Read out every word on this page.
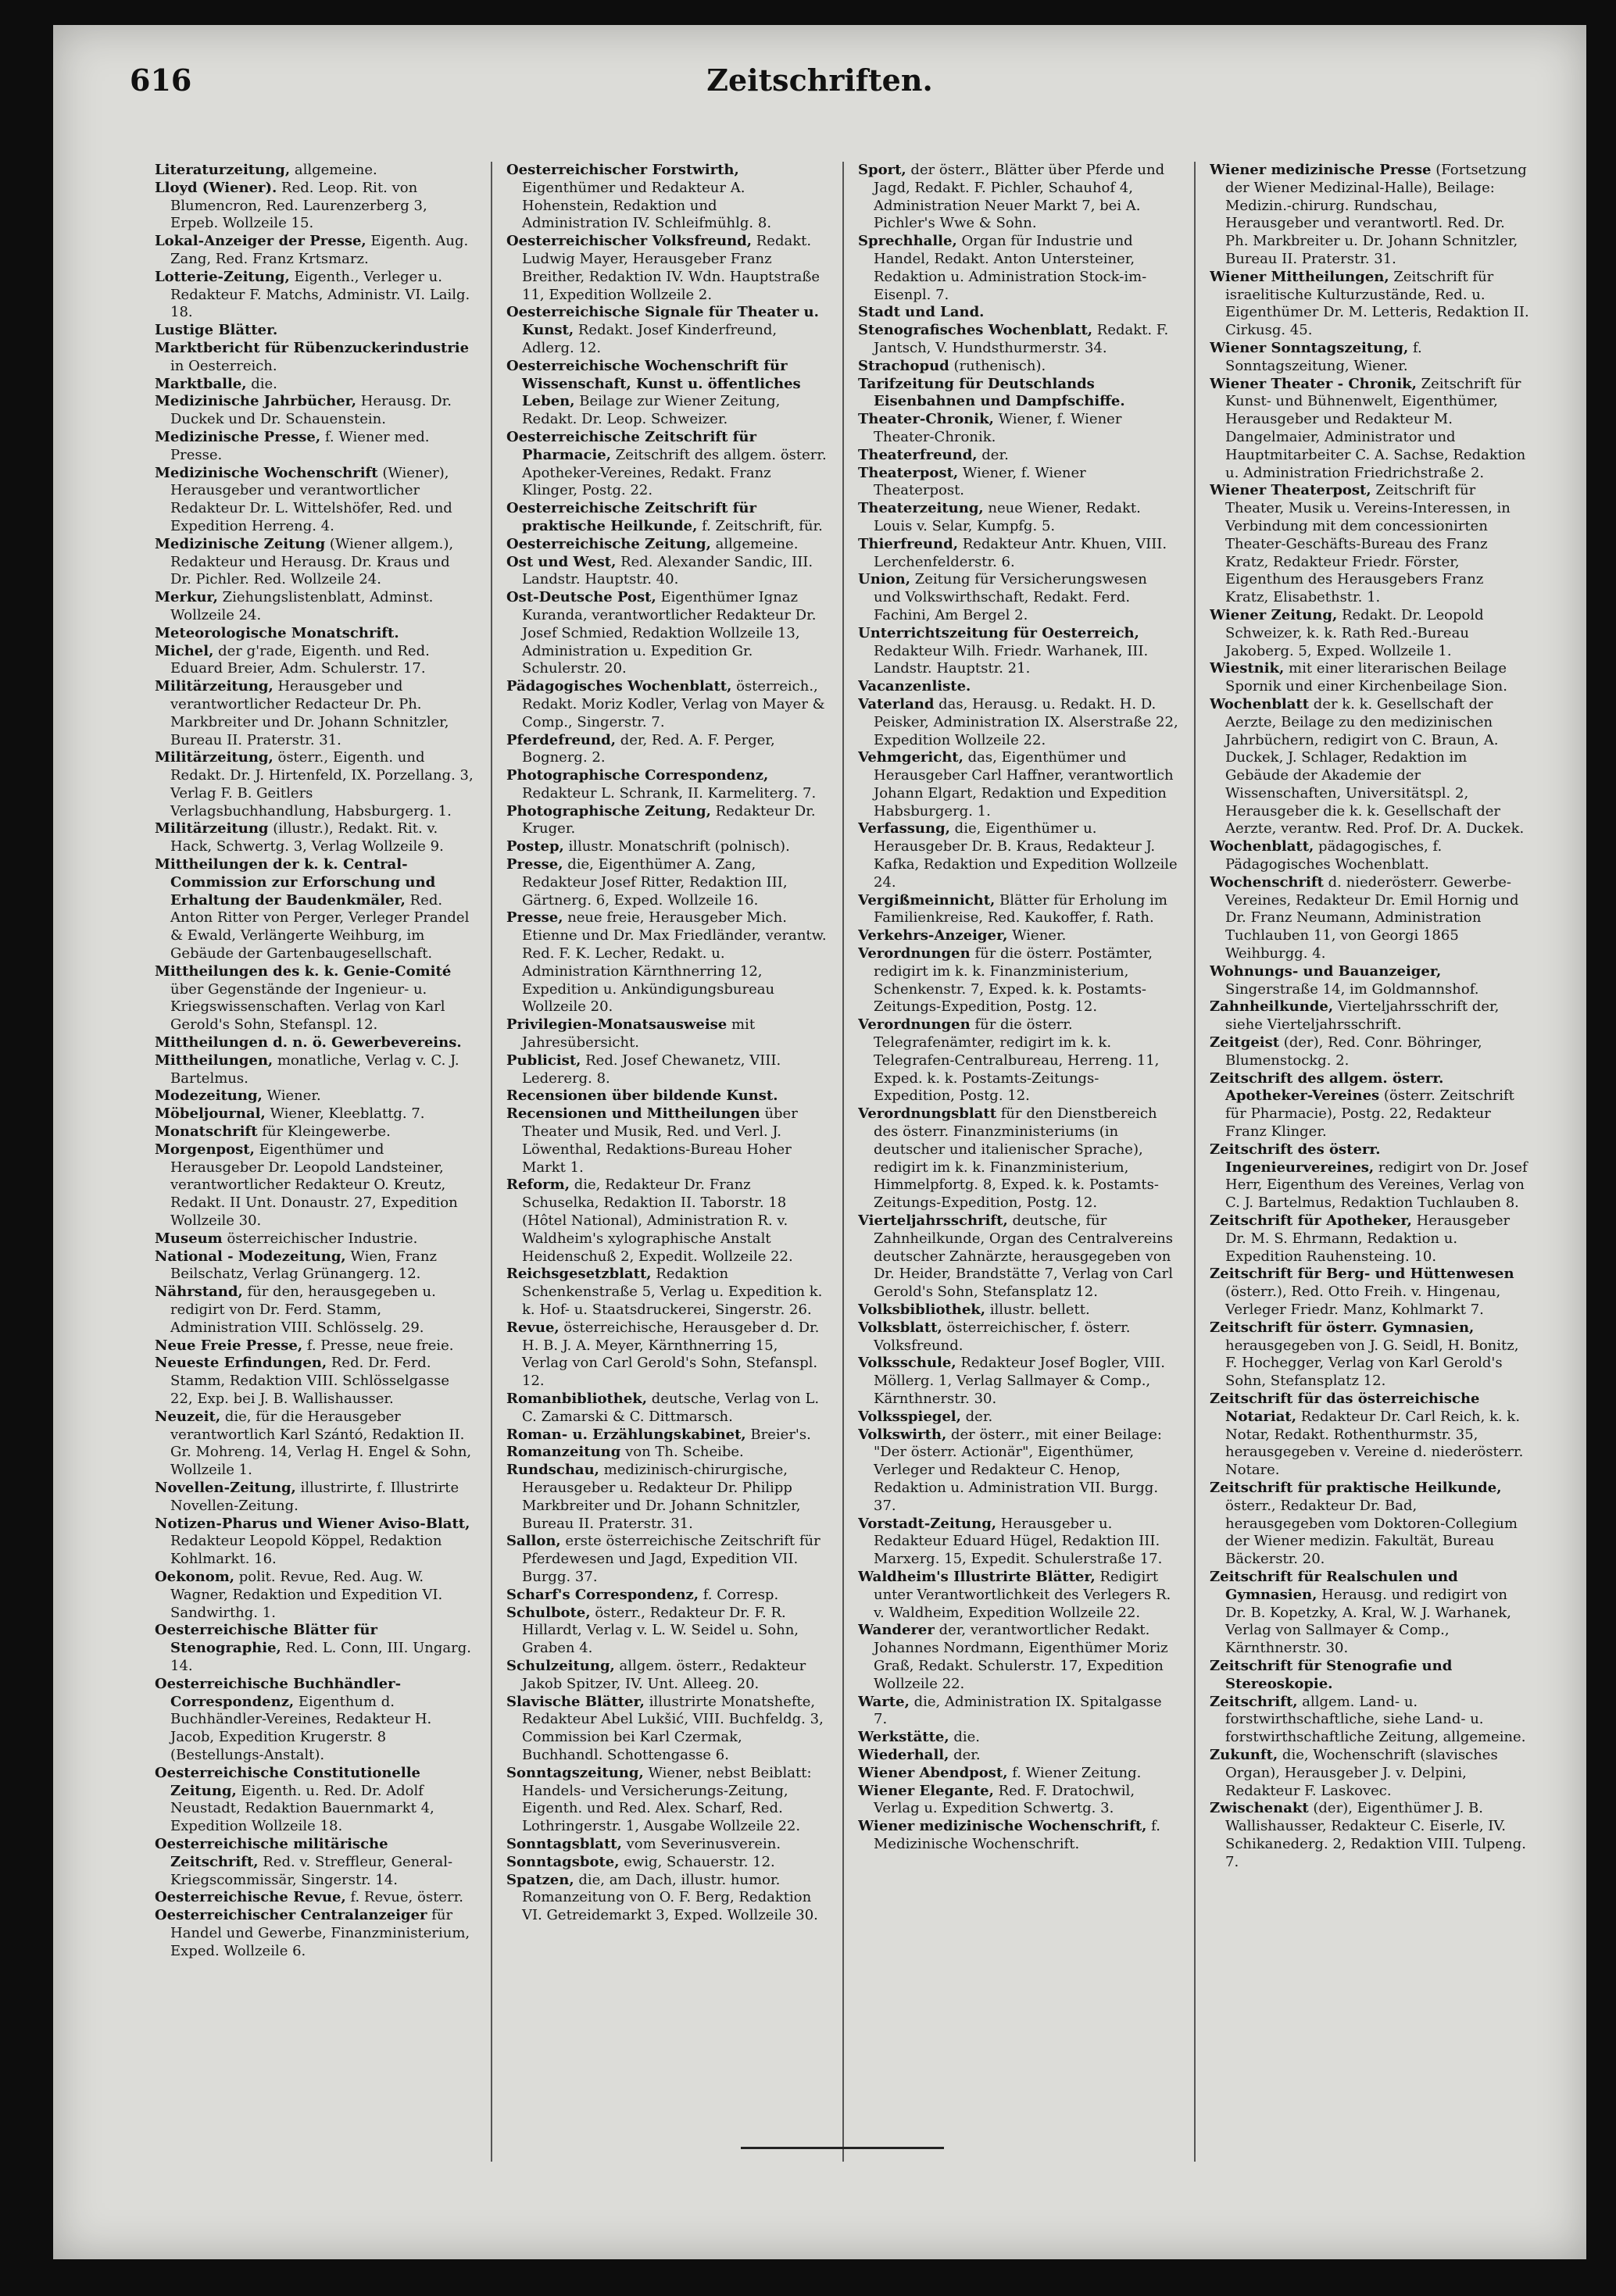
616	Zeitschriften.

Literaturzeitung, allgemeine.

Lloyd (Wiener). Red. Leop. Rit. von Blumencron, Red. Laurenzerberg 3, Erpeb. Wollzeile 15.

Lokal-Anzeiger der Presse, Eigenth. Aug. Zang, Red. Franz Krtsmarz.

Lotterie-Zeitung, Eigenth., Verleger u. Redakteur F. Matchs, Administr. VI. Lailg. 18.

Lustige Blätter.

Marktbericht für Rübenzuckerindustrie in Oesterreich.

Marktballe, die.

Medizinische Jahrbücher, Herausg. Dr. Duckek und Dr. Schauenstein.

Medizinische Presse, f. Wiener med. Presse.

Medizinische Wochenschrift (Wiener), Herausgeber und verantwortlicher Redakteur Dr. L. Wittelshöfer, Red. und Expedition Herreng. 4.

Medizinische Zeitung (Wiener allgem.), Redakteur und Herausg. Dr. Kraus und Dr. Pichler. Red. Wollzeile 24.

Merkur, Ziehungslistenblatt, Adminst. Wollzeile 24.

Meteorologische Monatschrift.

Michel, der g'rade, Eigenth. und Red. Eduard Breier, Adm. Schulerstr. 17.

Militärzeitung, Herausgeber und verantwortlicher Redacteur Dr. Ph. Markbreiter und Dr. Johann Schnitzler, Bureau II. Praterstr. 31.

Militärzeitung, österr., Eigenth. und Redakt. Dr. J. Hirtenfeld, IX. Porzellang. 3, Verlag F. B. Geitlers Verlagsbuchhandlung, Habsburgerg. 1.

Militärzeitung (illustr.), Redakt. Rit. v. Hack, Schwertg. 3, Verlag Wollzeile 9.

Mittheilungen der k. k. Central-Commission zur Erforschung und Erhaltung der Baudenkmäler, Red. Anton Ritter von Perger, Verleger Prandel & Ewald, Verlängerte Weihburg, im Gebäude der Gartenbaugesellschaft.

Mittheilungen des k. k. Genie-Comité über Gegenstände der Ingenieur- u. Kriegswissenschaften. Verlag von Karl Gerold's Sohn, Stefanspl. 12.

Mittheilungen d. n. ö. Gewerbevereins.

Mittheilungen, monatliche, Verlag v. C. J. Bartelmus.

Modezeitung, Wiener.

Möbeljournal, Wiener, Kleeblattg. 7.

Monatschrift für Kleingewerbe.

Morgenpost, Eigenthümer und Herausgeber Dr. Leopold Landsteiner, verantwortlicher Redakteur O. Kreutz, Redakt. II Unt. Donaustr. 27, Expedition Wollzeile 30.

Museum österreichischer Industrie.

National - Modezeitung, Wien, Franz Beilschatz, Verlag Grünangerg. 12.

Nährstand, für den, herausgegeben u. redigirt von Dr. Ferd. Stamm, Administration VIII. Schlösselg. 29.

Neue Freie Presse, f. Presse, neue freie.

Neueste Erfindungen, Red. Dr. Ferd. Stamm, Redaktion VIII. Schlösselgasse 22, Exp. bei J. B. Wallishausser.

Neuzeit, die, für die Herausgeber verantwortlich Karl Szántó, Redaktion II. Gr. Mohreng. 14, Verlag H. Engel & Sohn, Wollzeile 1.

Novellen-Zeitung, illustrirte, f. Illustrirte Novellen-Zeitung.

Notizen-Pharus und Wiener Aviso-Blatt, Redakteur Leopold Köppel, Redaktion Kohlmarkt. 16.

Oekonom, polit. Revue, Red. Aug. W. Wagner, Redaktion und Expedition VI. Sandwirthg. 1.

Oesterreichische Blätter für Stenographie, Red. L. Conn, III. Ungarg. 14.

Oesterreichische Buchhändler-Correspondenz, Eigenthum d. Buchhändler-Vereines, Redakteur H. Jacob, Expedition Krugerstr. 8 (Bestellungs-Anstalt).

Oesterreichische Constitutionelle Zeitung, Eigenth. u. Red. Dr. Adolf Neustadt, Redaktion Bauernmarkt 4, Expedition Wollzeile 18.

Oesterreichische militärische Zeitschrift, Red. v. Streffleur, General-Kriegscommissär, Singerstr. 14.

Oesterreichische Revue, f. Revue, österr.

Oesterreichischer Centralanzeiger für Handel und Gewerbe, Finanzministerium, Exped. Wollzeile 6.

Oesterreichischer Forstwirth, Eigenthümer und Redakteur A. Hohenstein, Redaktion und Administration IV. Schleifmühlg. 8.

Oesterreichischer Volksfreund, Redakt. Ludwig Mayer, Herausgeber Franz Breither, Redaktion IV. Wdn. Hauptstraße 11, Expedition Wollzeile 2.

Oesterreichische Signale für Theater u. Kunst, Redakt. Josef Kinderfreund, Adlerg. 12.

Oesterreichische Wochenschrift für Wissenschaft, Kunst u. öffentliches Leben, Beilage zur Wiener Zeitung, Redakt. Dr. Leop. Schweizer.

Oesterreichische Zeitschrift für Pharmacie, Zeitschrift des allgem. österr. Apotheker-Vereines, Redakt. Franz Klinger, Postg. 22.

Oesterreichische Zeitschrift für praktische Heilkunde, f. Zeitschrift, für.

Oesterreichische Zeitung, allgemeine.

Ost und West, Red. Alexander Sandic, III. Landstr. Hauptstr. 40.

Ost-Deutsche Post, Eigenthümer Ignaz Kuranda, verantwortlicher Redakteur Dr. Josef Schmied, Redaktion Wollzeile 13, Administration u. Expedition Gr. Schulerstr. 20.

Pädagogisches Wochenblatt, österreich., Redakt. Moriz Kodler, Verlag von Mayer & Comp., Singerstr. 7.

Pferdefreund, der, Red. A. F. Perger, Bognerg. 2.

Photographische Correspondenz, Redakteur L. Schrank, II. Karmeliterg. 7.

Photographische Zeitung, Redakteur Dr. Kruger.

Postep, illustr. Monatschrift (polnisch).

Presse, die, Eigenthümer A. Zang, Redakteur Josef Ritter, Redaktion III, Gärtnerg. 6, Exped. Wollzeile 16.

Presse, neue freie, Herausgeber Mich. Etienne und Dr. Max Friedländer, verantw. Red. F. K. Lecher, Redakt. u. Administration Kärnthnerring 12, Expedition u. Ankündigungsbureau Wollzeile 20.

Privilegien-Monatsausweise mit Jahresübersicht.

Publicist, Red. Josef Chewanetz, VIII. Ledererg. 8.

Recensionen über bildende Kunst.

Recensionen und Mittheilungen über Theater und Musik, Red. und Verl. J. Löwenthal, Redaktions-Bureau Hoher Markt 1.

Reform, die, Redakteur Dr. Franz Schuselka, Redaktion II. Taborstr. 18 (Hôtel National), Administration R. v. Waldheim's xylographische Anstalt Heidenschuß 2, Expedit. Wollzeile 22.

Reichsgesetzblatt, Redaktion Schenkenstraße 5, Verlag u. Expedition k. k. Hof- u. Staatsdruckerei, Singerstr. 26.

Revue, österreichische, Herausgeber d. Dr. H. B. J. A. Meyer, Kärnthnerring 15, Verlag von Carl Gerold's Sohn, Stefanspl. 12.

Romanbibliothek, deutsche, Verlag von L. C. Zamarski & C. Dittmarsch.

Roman- u. Erzählungskabinet, Breier's.

Romanzeitung von Th. Scheibe.

Rundschau, medizinisch-chirurgische, Herausgeber u. Redakteur Dr. Philipp Markbreiter und Dr. Johann Schnitzler, Bureau II. Praterstr. 31.

Sallon, erste österreichische Zeitschrift für Pferdewesen und Jagd, Expedition VII. Burgg. 37.

Scharf's Correspondenz, f. Corresp.

Schulbote, österr., Redakteur Dr. F. R. Hillardt, Verlag v. L. W. Seidel u. Sohn, Graben 4.

Schulzeitung, allgem. österr., Redakteur Jakob Spitzer, IV. Unt. Alleeg. 20.

Slavische Blätter, illustrirte Monatshefte, Redakteur Abel Lukšić, VIII. Buchfeldg. 3, Commission bei Karl Czermak, Buchhandl. Schottengasse 6.

Sonntagszeitung, Wiener, nebst Beiblatt: Handels- und Versicherungs-Zeitung, Eigenth. und Red. Alex. Scharf, Red. Lothringerstr. 1, Ausgabe Wollzeile 22.

Sonntagsblatt, vom Severinusverein.

Sonntagsbote, ewig, Schauerstr. 12.

Spatzen, die, am Dach, illustr. humor. Romanzeitung von O. F. Berg, Redaktion VI. Getreidemarkt 3, Exped. Wollzeile 30.

Sport, der österr., Blätter über Pferde und Jagd, Redakt. F. Pichler, Schauhof 4, Administration Neuer Markt 7, bei A. Pichler's Wwe & Sohn.

Sprechhalle, Organ für Industrie und Handel, Redakt. Anton Untersteiner, Redaktion u. Administration Stock-im-Eisenpl. 7.

Stadt und Land.

Stenografisches Wochenblatt, Redakt. F. Jantsch, V. Hundsthurmerstr. 34.

Strachopud (ruthenisch).

Tarifzeitung für Deutschlands Eisenbahnen und Dampfschiffe.

Theater-Chronik, Wiener, f. Wiener Theater-Chronik.

Theaterfreund, der.

Theaterpost, Wiener, f. Wiener Theaterpost.

Theaterzeitung, neue Wiener, Redakt. Louis v. Selar, Kumpfg. 5.

Thierfreund, Redakteur Antr. Khuen, VIII. Lerchenfelderstr. 6.

Union, Zeitung für Versicherungswesen und Volkswirthschaft, Redakt. Ferd. Fachini, Am Bergel 2.

Unterrichtszeitung für Oesterreich, Redakteur Wilh. Friedr. Warhanek, III. Landstr. Hauptstr. 21.

Vacanzenliste.

Vaterland das, Herausg. u. Redakt. H. D. Peisker, Administration IX. Alserstraße 22, Expedition Wollzeile 22.

Vehmgericht, das, Eigenthümer und Herausgeber Carl Haffner, verantwortlich Johann Elgart, Redaktion und Expedition Habsburgerg. 1.

Verfassung, die, Eigenthümer u. Herausgeber Dr. B. Kraus, Redakteur J. Kafka, Redaktion und Expedition Wollzeile 24.

Vergißmeinnicht, Blätter für Erholung im Familienkreise, Red. Kaukoffer, f. Rath.

Verkehrs-Anzeiger, Wiener.

Verordnungen für die österr. Postämter, redigirt im k. k. Finanzministerium, Schenkenstr. 7, Exped. k. k. Postamts-Zeitungs-Expedition, Postg. 12.

Verordnungen für die österr. Telegrafenämter, redigirt im k. k. Telegrafen-Centralbureau, Herreng. 11, Exped. k. k. Postamts-Zeitungs-Expedition, Postg. 12.

Verordnungsblatt für den Dienstbereich des österr. Finanzministeriums (in deutscher und italienischer Sprache), redigirt im k. k. Finanzministerium, Himmelpfortg. 8, Exped. k. k. Postamts-Zeitungs-Expedition, Postg. 12.

Vierteljahrsschrift, deutsche, für Zahnheilkunde, Organ des Centralvereins deutscher Zahnärzte, herausgegeben von Dr. Heider, Brandstätte 7, Verlag von Carl Gerold's Sohn, Stefansplatz 12.

Volksbibliothek, illustr. bellett.

Volksblatt, österreichischer, f. österr. Volksfreund.

Volksschule, Redakteur Josef Bogler, VIII. Möllerg. 1, Verlag Sallmayer & Comp., Kärnthnerstr. 30.

Volksspiegel, der.

Volkswirth, der österr., mit einer Beilage: "Der österr. Actionär", Eigenthümer, Verleger und Redakteur C. Henop, Redaktion u. Administration VII. Burgg. 37.

Vorstadt-Zeitung, Herausgeber u. Redakteur Eduard Hügel, Redaktion III. Marxerg. 15, Expedit. Schulerstraße 17.

Waldheim's Illustrirte Blätter, Redigirt unter Verantwortlichkeit des Verlegers R. v. Waldheim, Expedition Wollzeile 22.

Wanderer der, verantwortlicher Redakt. Johannes Nordmann, Eigenthümer Moriz Graß, Redakt. Schulerstr. 17, Expedition Wollzeile 22.

Warte, die, Administration IX. Spitalgasse 7.

Werkstätte, die.

Wiederhall, der.

Wiener Abendpost, f. Wiener Zeitung.

Wiener Elegante, Red. F. Dratochwil, Verlag u. Expedition Schwertg. 3.

Wiener medizinische Wochenschrift, f. Medizinische Wochenschrift.

Wiener medizinische Presse (Fortsetzung der Wiener Medizinal-Halle), Beilage: Medizin.-chirurg. Rundschau, Herausgeber und verantwortl. Red. Dr. Ph. Markbreiter u. Dr. Johann Schnitzler, Bureau II. Praterstr. 31.

Wiener Mittheilungen, Zeitschrift für israelitische Kulturzustände, Red. u. Eigenthümer Dr. M. Letteris, Redaktion II. Cirkusg. 45.

Wiener Sonntagszeitung, f. Sonntagszeitung, Wiener.

Wiener Theater - Chronik, Zeitschrift für Kunst- und Bühnenwelt, Eigenthümer, Herausgeber und Redakteur M. Dangelmaier, Administrator und Hauptmitarbeiter C. A. Sachse, Redaktion u. Administration Friedrichstraße 2.

Wiener Theaterpost, Zeitschrift für Theater, Musik u. Vereins-Interessen, in Verbindung mit dem concessionirten Theater-Geschäfts-Bureau des Franz Kratz, Redakteur Friedr. Förster, Eigenthum des Herausgebers Franz Kratz, Elisabethstr. 1.

Wiener Zeitung, Redakt. Dr. Leopold Schweizer, k. k. Rath Red.-Bureau Jakoberg. 5, Exped. Wollzeile 1.

Wiestnik, mit einer literarischen Beilage Spornik und einer Kirchenbeilage Sion.

Wochenblatt der k. k. Gesellschaft der Aerzte, Beilage zu den medizinischen Jahrbüchern, redigirt von C. Braun, A. Duckek, J. Schlager, Redaktion im Gebäude der Akademie der Wissenschaften, Universitätspl. 2, Herausgeber die k. k. Gesellschaft der Aerzte, verantw. Red. Prof. Dr. A. Duckek.

Wochenblatt, pädagogisches, f. Pädagogisches Wochenblatt.

Wochenschrift d. niederösterr. Gewerbe-Vereines, Redakteur Dr. Emil Hornig und Dr. Franz Neumann, Administration Tuchlauben 11, von Georgi 1865 Weihburgg. 4.

Wohnungs- und Bauanzeiger, Singerstraße 14, im Goldmannshof.

Zahnheilkunde, Vierteljahrsschrift der, siehe Vierteljahrsschrift.

Zeitgeist (der), Red. Conr. Böhringer, Blumenstockg. 2.

Zeitschrift des allgem. österr. Apotheker-Vereines (österr. Zeitschrift für Pharmacie), Postg. 22, Redakteur Franz Klinger.

Zeitschrift des österr. Ingenieurvereines, redigirt von Dr. Josef Herr, Eigenthum des Vereines, Verlag von C. J. Bartelmus, Redaktion Tuchlauben 8.

Zeitschrift für Apotheker, Herausgeber Dr. M. S. Ehrmann, Redaktion u. Expedition Rauhensteing. 10.

Zeitschrift für Berg- und Hüttenwesen (österr.), Red. Otto Freih. v. Hingenau, Verleger Friedr. Manz, Kohlmarkt 7.

Zeitschrift für österr. Gymnasien, herausgegeben von J. G. Seidl, H. Bonitz, F. Hochegger, Verlag von Karl Gerold's Sohn, Stefansplatz 12.

Zeitschrift für das österreichische Notariat, Redakteur Dr. Carl Reich, k. k. Notar, Redakt. Rothenthurmstr. 35, herausgegeben v. Vereine d. niederösterr. Notare.

Zeitschrift für praktische Heilkunde, österr., Redakteur Dr. Bad, herausgegeben vom Doktoren-Collegium der Wiener medizin. Fakultät, Bureau Bäckerstr. 20.

Zeitschrift für Realschulen und Gymnasien, Herausg. und redigirt von Dr. B. Kopetzky, A. Kral, W. J. Warhanek, Verlag von Sallmayer & Comp., Kärnthnerstr. 30.

Zeitschrift für Stenografie und Stereoskopie.

Zeitschrift, allgem. Land- u. forstwirthschaftliche, siehe Land- u. forstwirthschaftliche Zeitung, allgemeine.

Zukunft, die, Wochenschrift (slavisches Organ), Herausgeber J. v. Delpini, Redakteur F. Laskovec.

Zwischenakt (der), Eigenthümer J. B. Wallishausser, Redakteur C. Eiserle, IV. Schikanederg. 2, Redaktion VIII. Tulpeng. 7.
